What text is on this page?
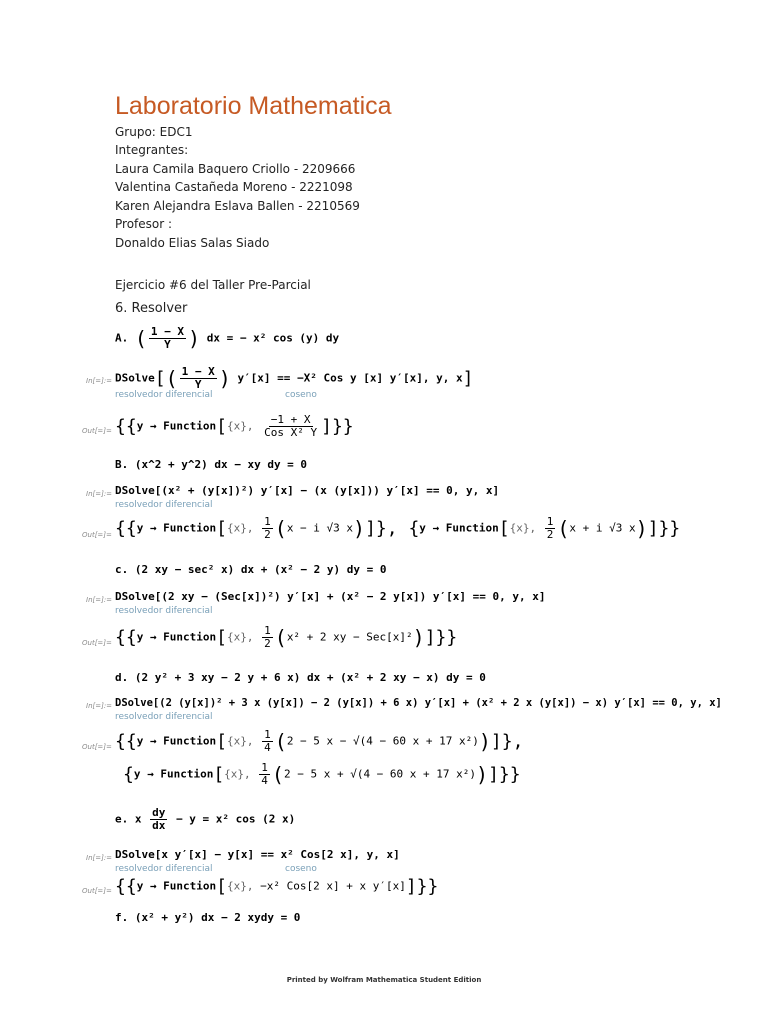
Laboratorio Mathematica
Grupo: EDC1
Integrantes:
Laura Camila Baquero Criollo - 2209666
Valentina Castañeda Moreno - 2221098
Karen Alejandra Eslava Ballen - 2210569
Profesor :
Donaldo Elias Salas Siado
Ejercicio #6 del Taller Pre-Parcial
6. Resolver
A. ( $\frac{1 - X}{Y}$ ) dx = − x² cos (y) dy
In[=]:= DSolve[( $\frac{1 - X}{Y}$ ) y′[x] == −X² Cos y [x] y′[x], y, x]
resolvedor diferencial	coseno
Out[=]= {{y → Function[{x}, $\frac{-1 + X}{\text{Cos X² Y}}$ ]}}
B. (x^2 + y^2) dx − xy dy = 0
In[=]:= DSolve[(x² + (y[x])²) y′[x] − (x (y[x])) y′[x] == 0, y, x]
resolvedor diferencial
Out[=]= {{y → Function[{x}, $\frac{1}{2} (x - i$ √3 x)]}, {y → Function[{x}, $\frac{1}{2} (x + i$ √3 x)]}}
c. (2 xy − sec² x) dx + (x² − 2 y) dy = 0
In[=]:= DSolve[(2 xy − (Sec[x])²) y′[x] + (x² − 2 y[x]) y′[x] == 0, y, x]
resolvedor diferencial
Out[=]= {{y → Function[{x}, $\frac{1}{2} (x^2 + 2$ xy − Sec[x]²)]}}
d. (2 y² + 3 xy − 2 y + 6 x) dx + (x² + 2 xy − x) dy = 0
In[=]:= DSolve[(2 (y[x])² + 3 x (y[x]) − 2 (y[x]) + 6 x) y′[x] + (x² + 2 x (y[x]) − x) y′[x] == 0, y, x]
resolvedor diferencial
Out[=]= {{y → Function[{x}, $\frac{1}{4} (2 - 5$ x − √(4 − 60 x + 17 x²))]},
{y → Function[{x}, $\frac{1}{4} (2 - 5$ x + √(4 − 60 x + 17 x²))]}}
e. x $\frac{dy}{dx} - y = x^2$ cos (2 x)
In[=]:= DSolve[x y′[x] − y[x] == x² Cos[2 x], y, x]
resolvedor diferencial	coseno
Out[=]= {{y → Function[{x}, −x² Cos[2 x] + x y′[x]]}}
f. (x² + y²) dx − 2 xydy = 0
Printed by Wolfram Mathematica Student Edition
